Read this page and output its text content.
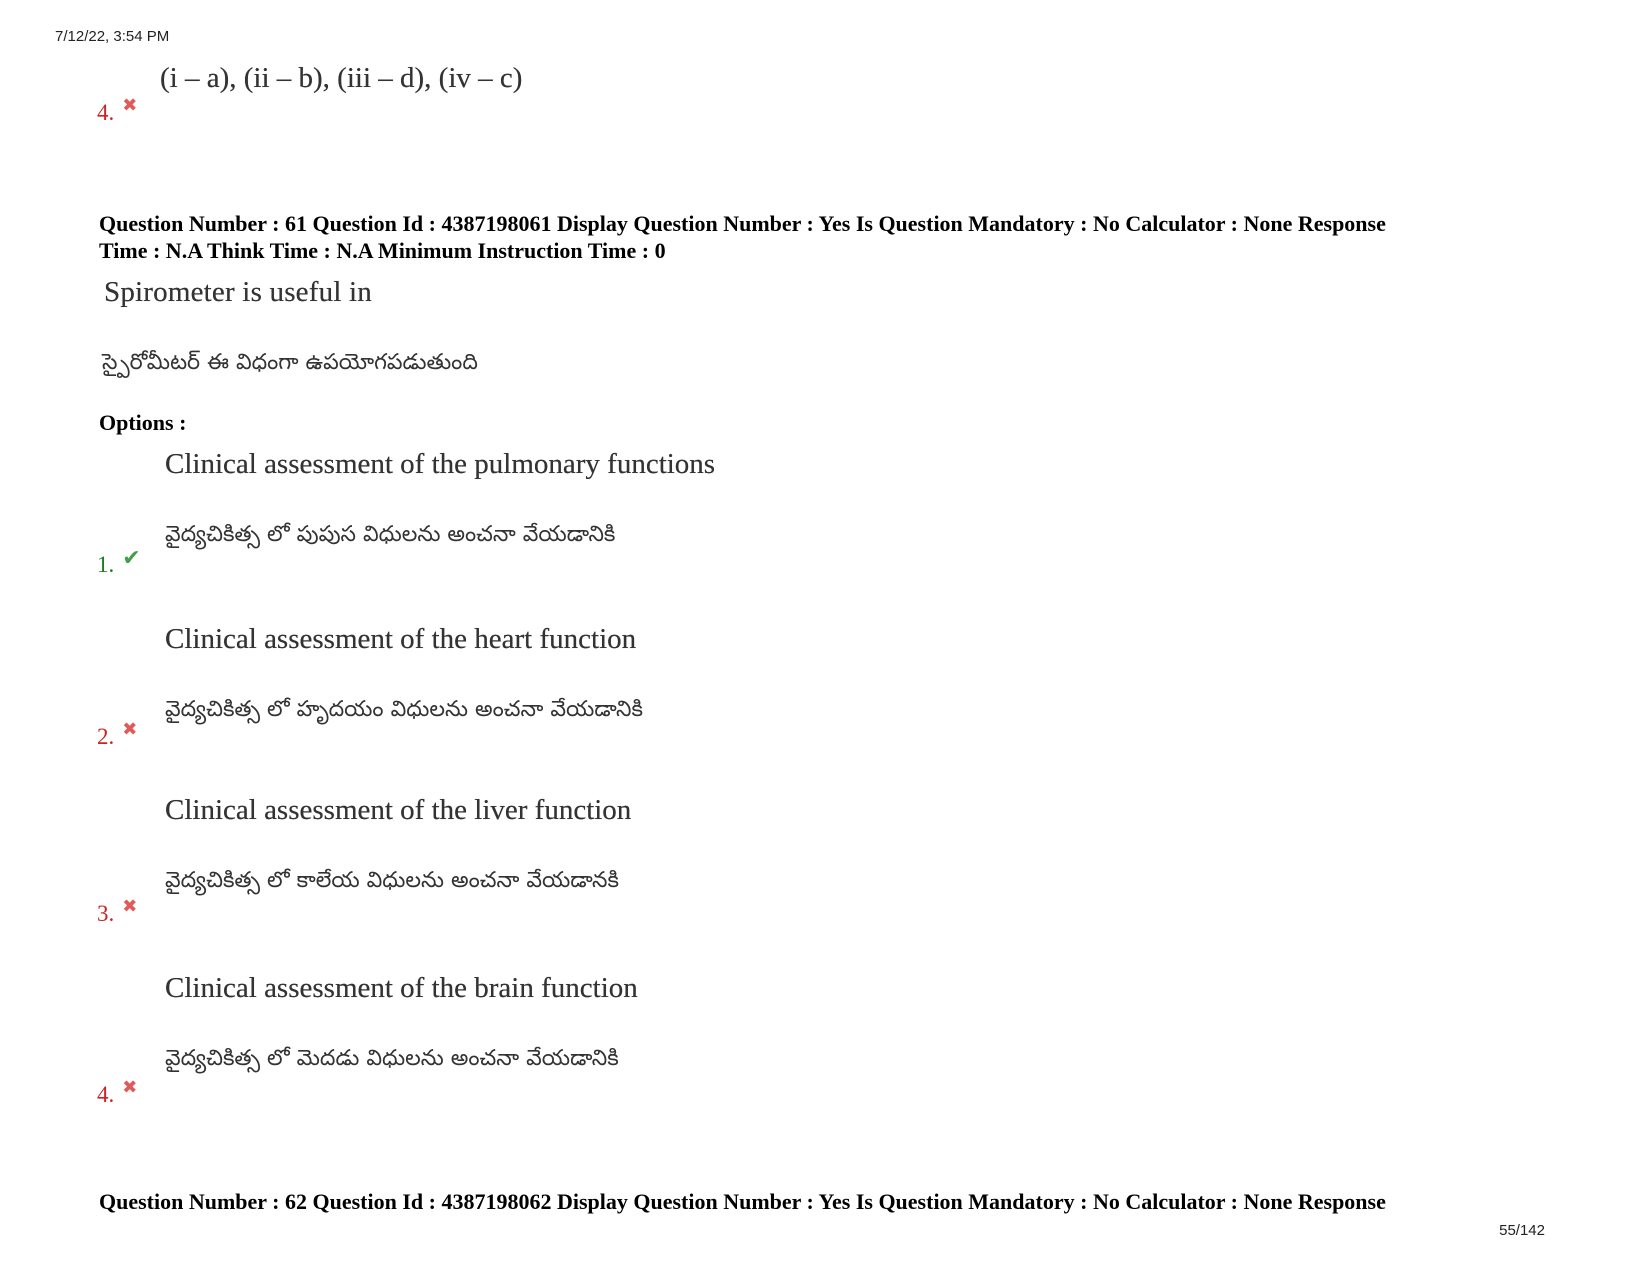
7/12/22, 3:54 PM
(i – a), (ii – b), (iii – d), (iv – c)
4. ✖
Question Number : 61 Question Id : 4387198061 Display Question Number : Yes Is Question Mandatory : No Calculator : None Response
Time : N.A Think Time : N.A Minimum Instruction Time : 0
Spirometer is useful in
స్పైరోమీటర్ ఈ విధంగా ఉపయోగపడుతుంది
Options :
Clinical assessment of the pulmonary functions
వైద్యచికిత్స లో పుపుస విధులను అంచనా వేయడానికి
1. ✔
Clinical assessment of the heart function
వైద్యచికిత్స లో హృదయం విధులను అంచనా వేయడానికి
2. ✖
Clinical assessment of the liver function
వైద్యచికిత్స లో కాలేయ విధులను అంచనా వేయడానకి
3. ✖
Clinical assessment of the brain function
వైద్యచికిత్స లో మెదడు విధులను అంచనా వేయడానికి
4. ✖
Question Number : 62 Question Id : 4387198062 Display Question Number : Yes Is Question Mandatory : No Calculator : None Response
55/142
